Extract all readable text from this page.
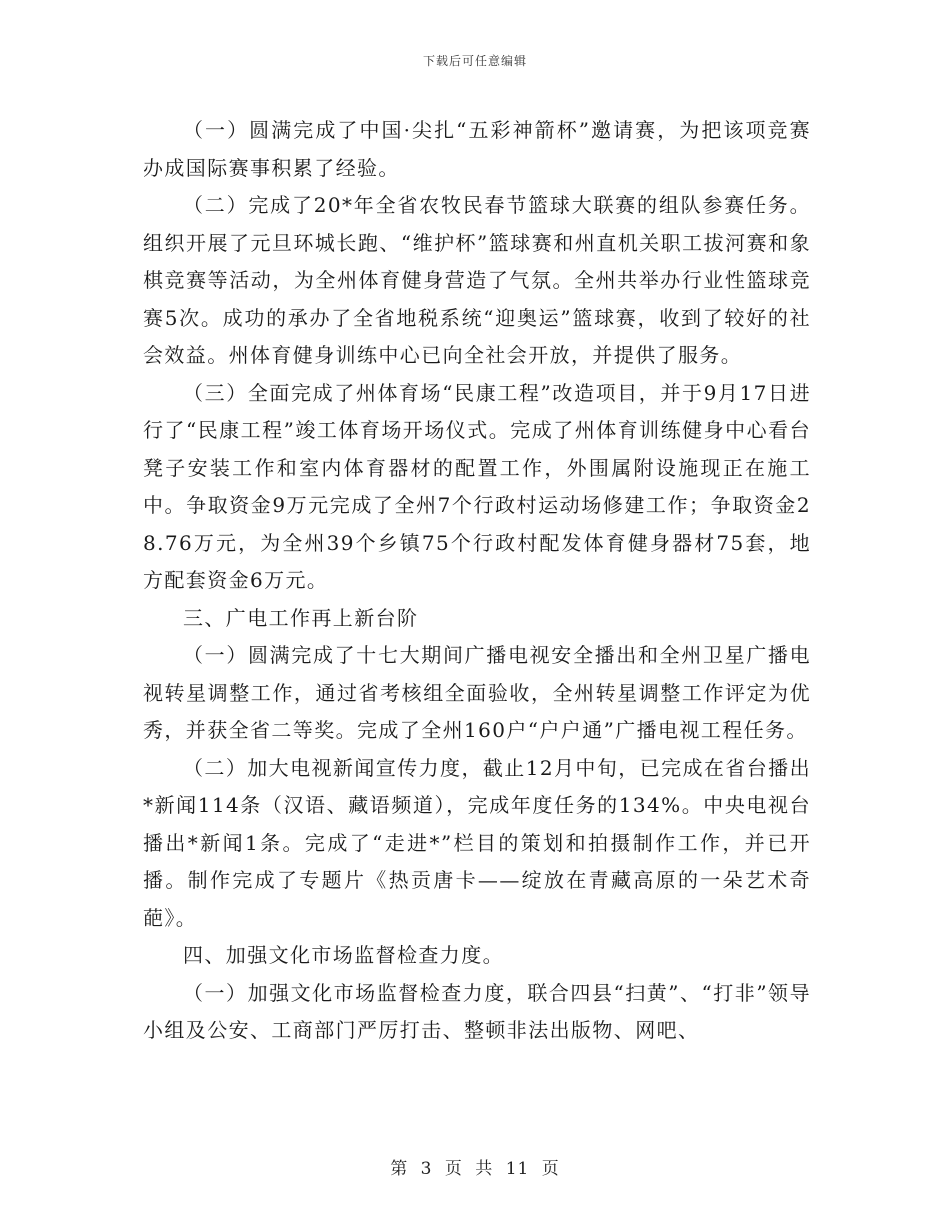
下载后可任意编辑

（一）圆满完成了中国·尖扎“五彩神箭杯”邀请赛，为把该项竞赛办成国际赛事积累了经验。

（二）完成了20*年全省农牧民春节篮球大联赛的组队参赛任务。组织开展了元旦环城长跑、“维护杯”篮球赛和州直机关职工拔河赛和象棋竞赛等活动，为全州体育健身营造了气氛。全州共举办行业性篮球竞赛5次。成功的承办了全省地税系统“迎奥运”篮球赛，收到了较好的社会效益。州体育健身训练中心已向全社会开放，并提供了服务。

（三）全面完成了州体育场“民康工程”改造项目，并于9月17日进行了“民康工程”竣工体育场开场仪式。完成了州体育训练健身中心看台凳子安装工作和室内体育器材的配置工作，外围属附设施现正在施工中。争取资金9万元完成了全州7个行政村运动场修建工作；争取资金28.76万元，为全州39个乡镇75个行政村配发体育健身器材75套，地方配套资金6万元。

三、广电工作再上新台阶

（一）圆满完成了十七大期间广播电视安全播出和全州卫星广播电视转星调整工作，通过省考核组全面验收，全州转星调整工作评定为优秀，并获全省二等奖。完成了全州160户“户户通”广播电视工程任务。

（二）加大电视新闻宣传力度，截止12月中旬，已完成在省台播出*新闻114条（汉语、藏语频道），完成年度任务的134%。中央电视台播出*新闻1条。完成了“走进*”栏目的策划和拍摄制作工作，并已开播。制作完成了专题片《热贡唐卡——绽放在青藏高原的一朵艺术奇葩》。

四、加强文化市场监督检查力度。

（一）加强文化市场监督检查力度，联合四县“扫黄”、“打非”领导小组及公安、工商部门严厉打击、整顿非法出版物、网吧、

第 3 页 共 11 页
